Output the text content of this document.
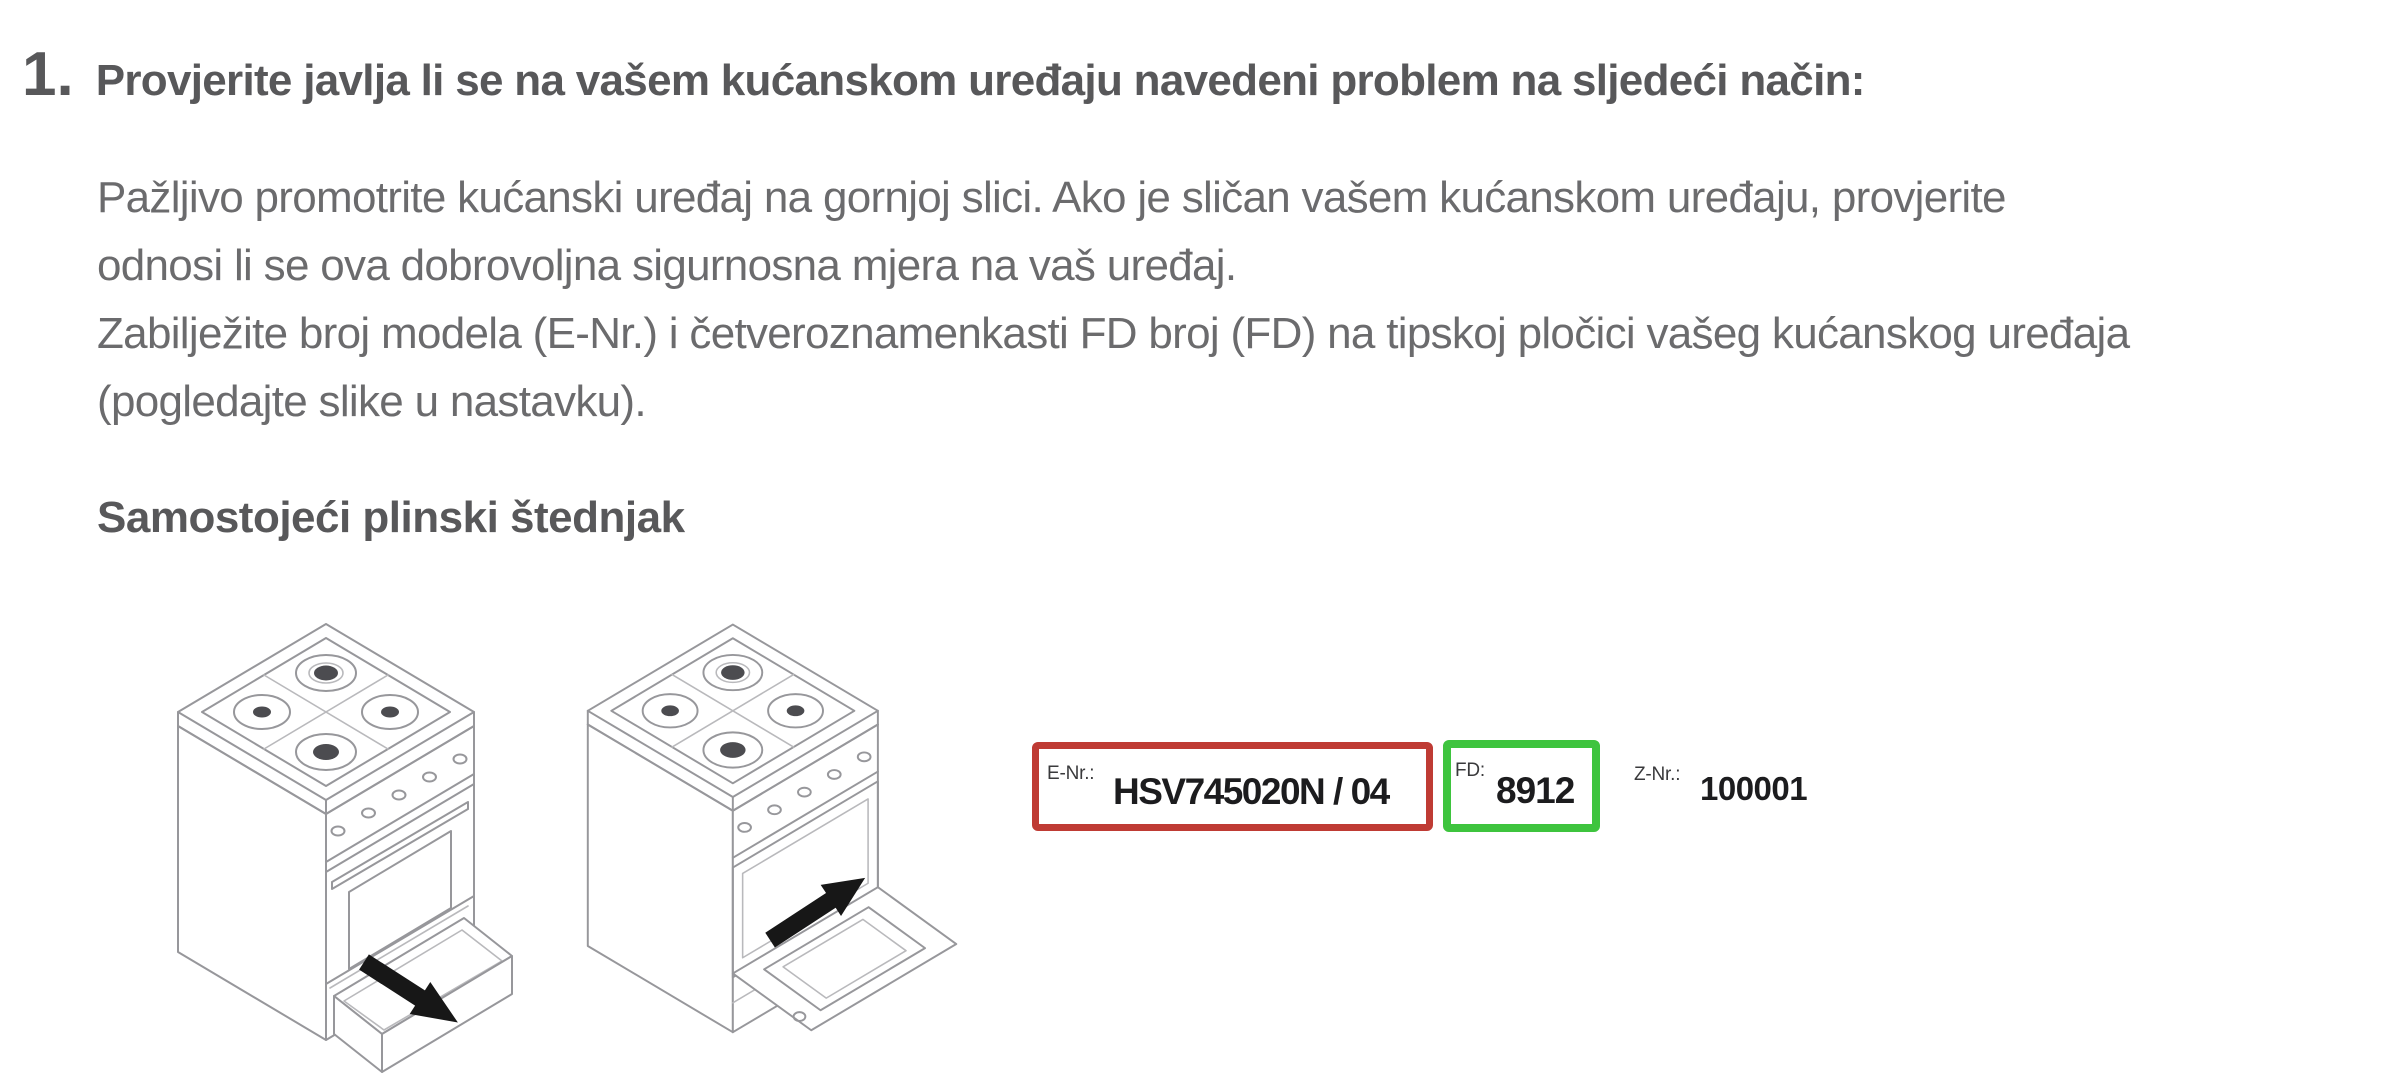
1. Provjerite javlja li se na vašem kućanskom uređaju navedeni problem na sljedeći način:
Pažljivo promotrite kućanski uređaj na gornjoj slici. Ako je sličan vašem kućanskom uređaju, provjerite
odnosi li se ova dobrovoljna sigurnosna mjera na vaš uređaj.
Zabilježite broj modela (E-Nr.) i četveroznamenkasti FD broj (FD) na tipskoj pločici vašeg kućanskog uređaja
(pogledajte slike u nastavku).
Samostojeći plinski štednjak
E-Nr.: HSV745020N / 04
FD: 8912	Z-Nr.: 100001
